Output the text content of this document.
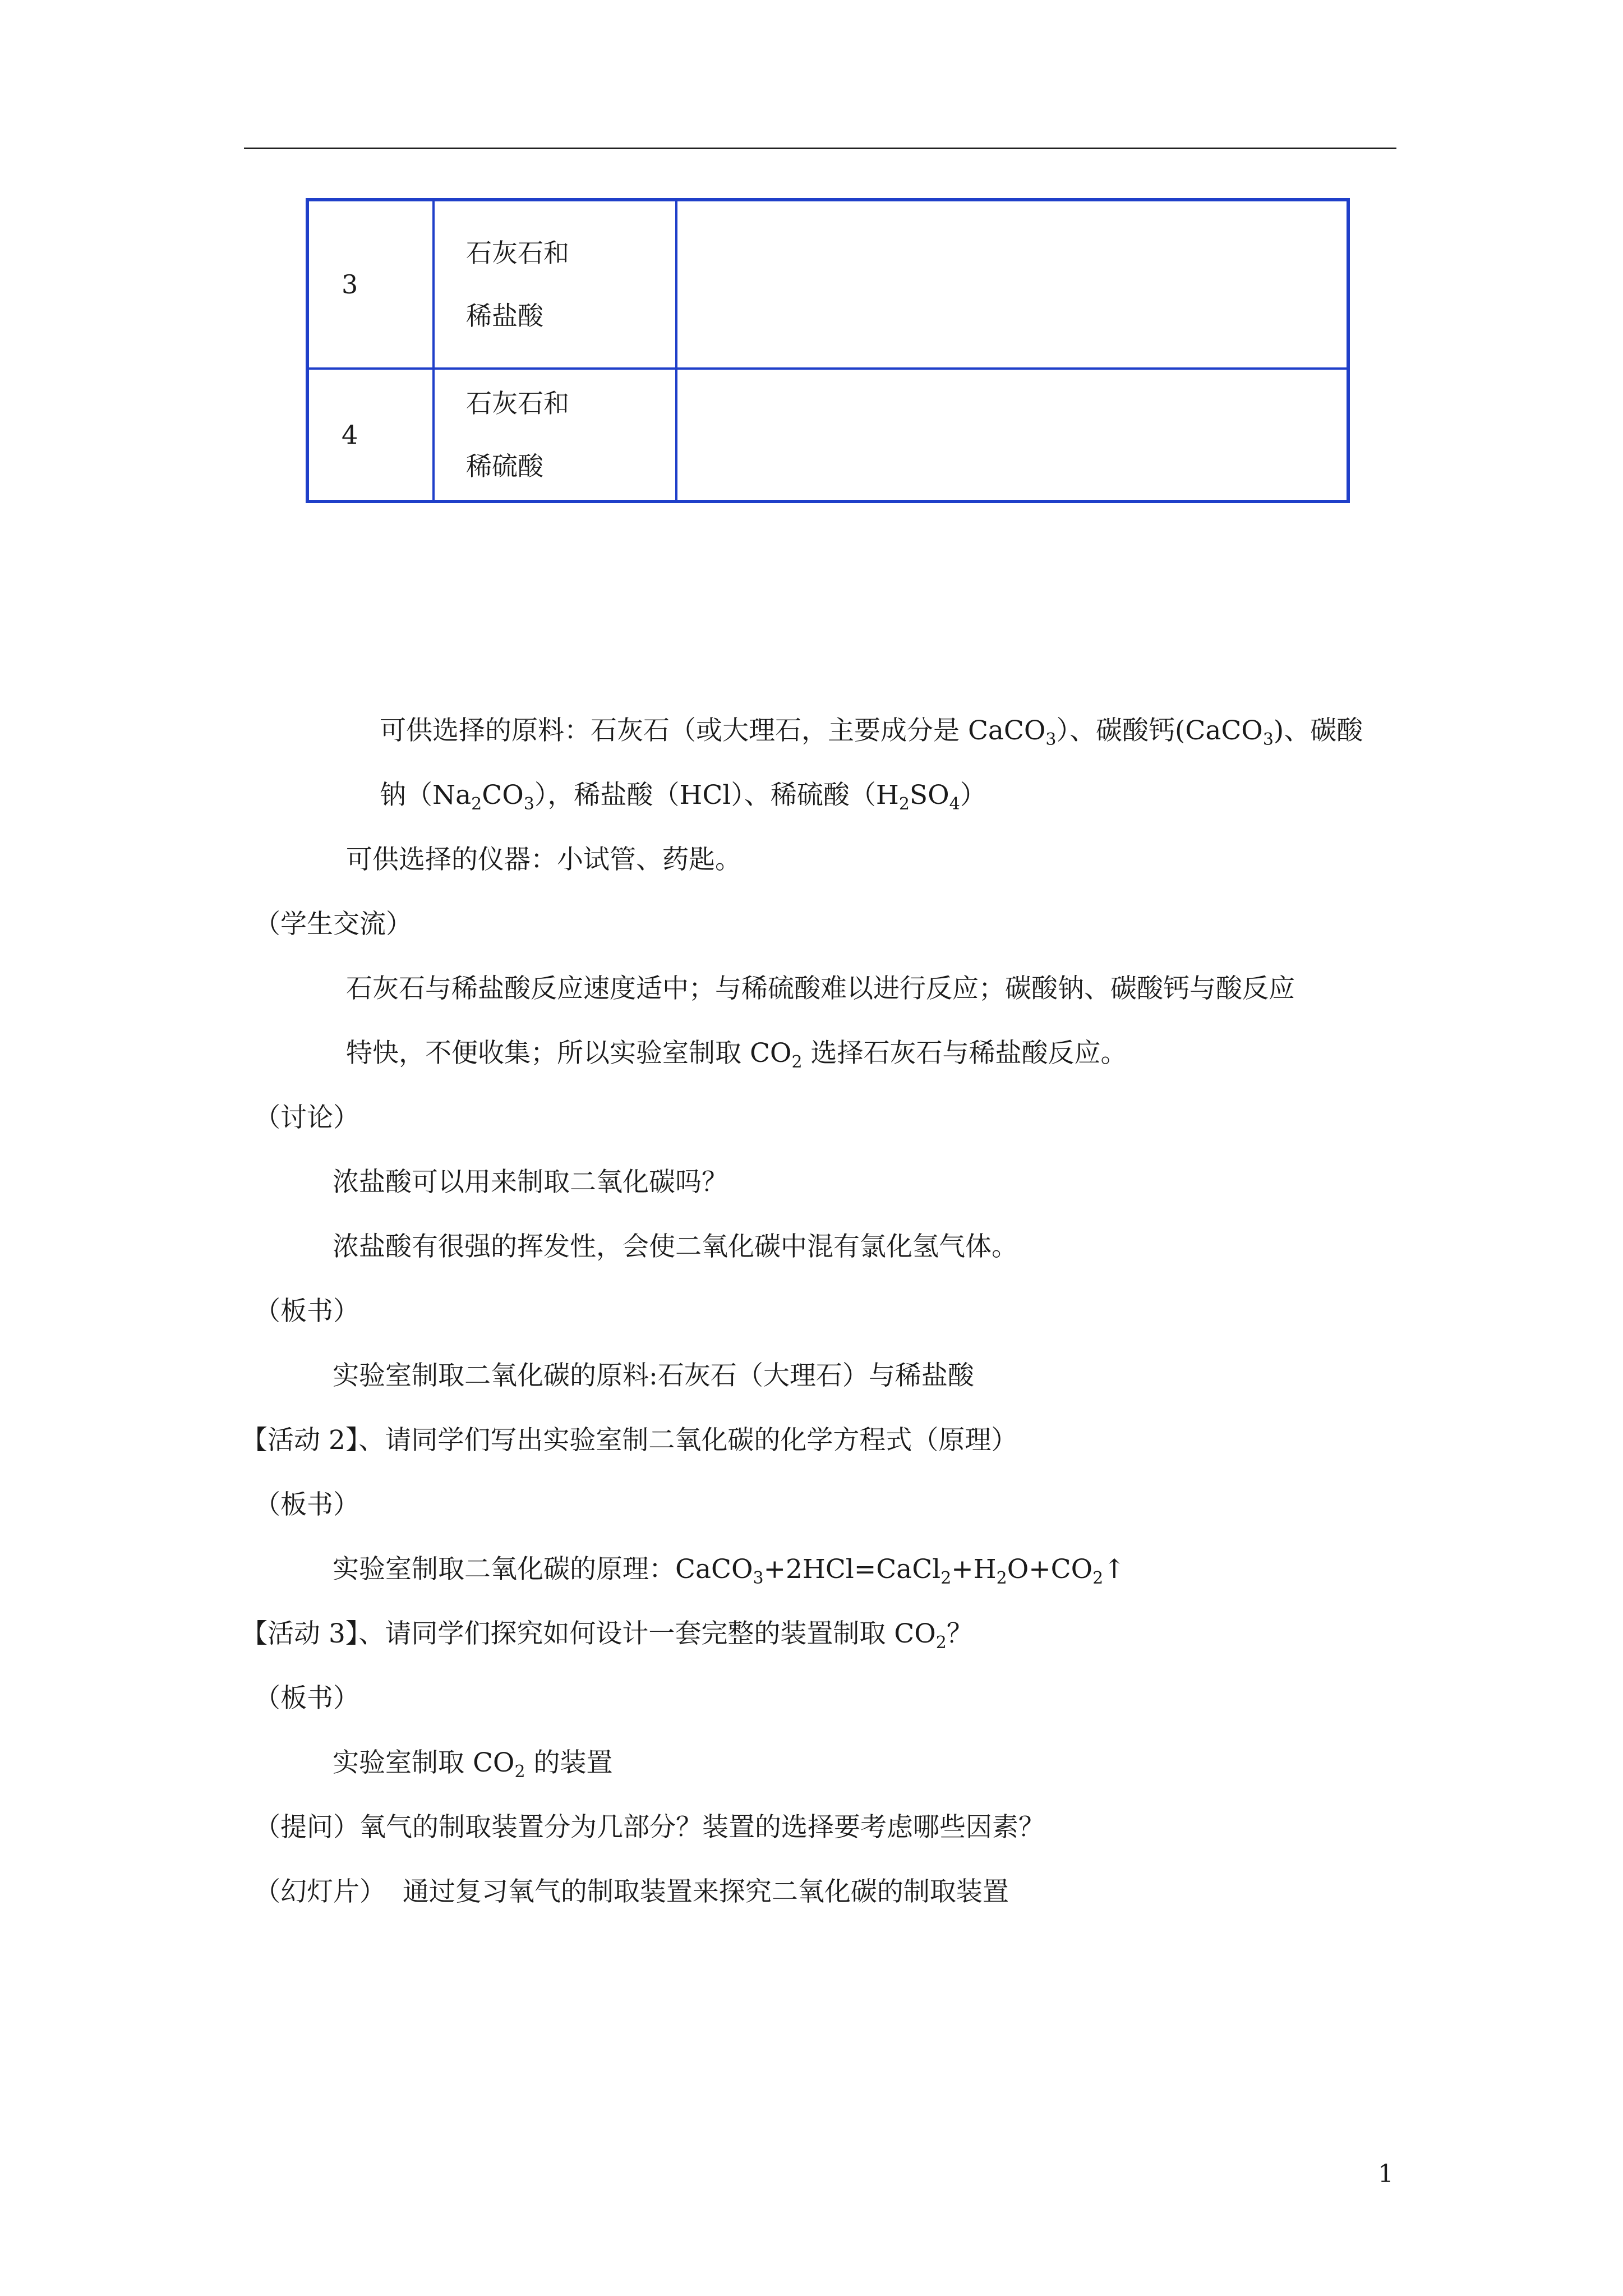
3	石灰石和
稀盐酸	

4	石灰石和
稀硫酸	

可供选择的原料：石灰石（或大理石，主要成分是 CaCO$_3$）、碳酸钙(CaCO$_3$)、碳酸
钠$(Na_2CO_3)$，稀盐酸（HCl）、稀硫酸$(H_2SO_4)$
可供选择的仪器：小试管、药匙。
（学生交流）
石灰石与稀盐酸反应速度适中；与稀硫酸难以进行反应；碳酸钠、碳酸钙与酸反应
特快，不便收集；所以实验室制取 $CO_2$ 选择石灰石与稀盐酸反应。
（讨论）
浓盐酸可以用来制取二氧化碳吗？
浓盐酸有很强的挥发性，会使二氧化碳中混有氯化氢气体。
（板书）
实验室制取二氧化碳的原料:石灰石（大理石）与稀盐酸
【活动 2】、请同学们写出实验室制二氧化碳的化学方程式（原理）
（板书）
实验室制取二氧化碳的原理：$CaCO_3+2HCl=CaCl_2+H_2O+CO_2↑$
【活动 3】、请同学们探究如何设计一套完整的装置制取 $CO_2$？
（板书）
实验室制取 $CO_2$ 的装置
（提问）氧气的制取装置分为几部分？装置的选择要考虑哪些因素？
（幻灯片）  通过复习氧气的制取装置来探究二氧化碳的制取装置
1
